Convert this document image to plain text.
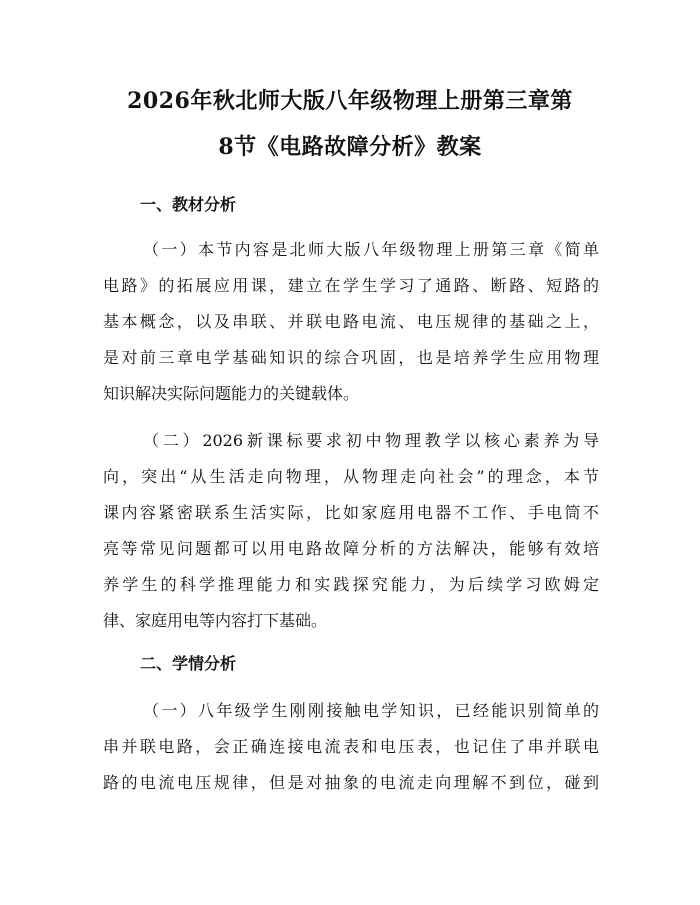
2026年秋北师大版八年级物理上册第三章第
8节《电路故障分析》教案
一、教材分析

（一）本节内容是北师大版八年级物理上册第三章《简单
电路》的拓展应用课，建立在学生学习了通路、断路、短路的
基本概念，以及串联、并联电路电流、电压规律的基础之上，
是对前三章电学基础知识的综合巩固，也是培养学生应用物理
知识解决实际问题能力的关键载体。

（二）2026新课标要求初中物理教学以核心素养为导
向，突出“从生活走向物理，从物理走向社会”的理念，本节
课内容紧密联系生活实际，比如家庭用电器不工作、手电筒不
亮等常见问题都可以用电路故障分析的方法解决，能够有效培
养学生的科学推理能力和实践探究能力，为后续学习欧姆定
律、家庭用电等内容打下基础。

二、学情分析

（一）八年级学生刚刚接触电学知识，已经能识别简单的
串并联电路，会正确连接电流表和电压表，也记住了串并联电
路的电流电压规律，但是对抽象的电流走向理解不到位，碰到
